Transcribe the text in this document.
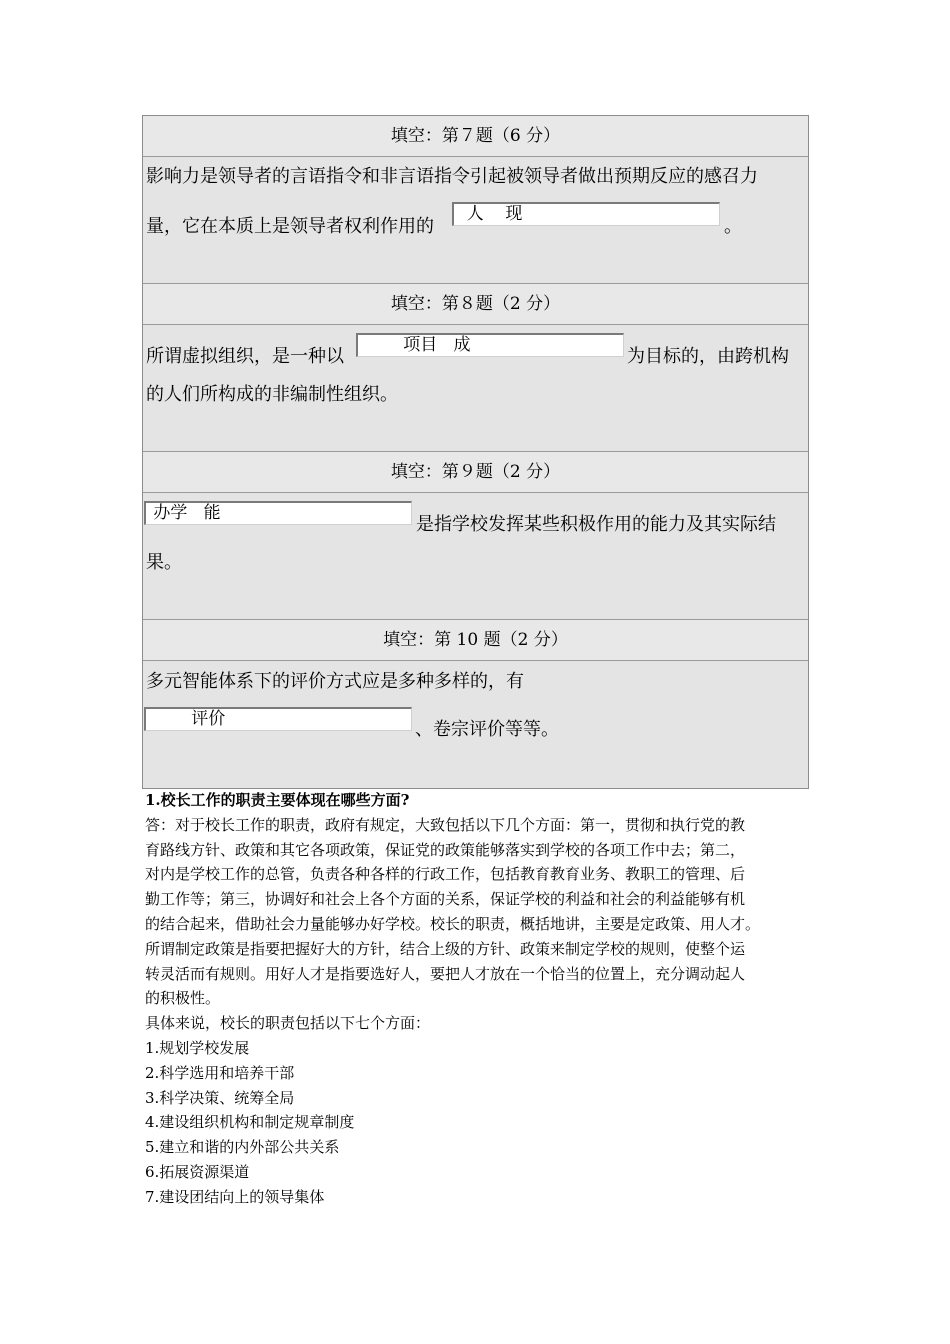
填空：第７题（6 分）
影响力是领导者的言语指令和非言语指令引起被领导者做出预期反应的感召力
量，它在本质上是领导者权利作用的
人    现
。
填空：第８题（2 分）
所谓虚拟组织，是一种以
项目   成
为目标的，由跨机构
的人们所构成的非编制性组织。
填空：第９题（2 分）
办学   能
是指学校发挥某些积极作用的能力及其实际结
果。
填空：第 10 题（2 分）
多元智能体系下的评价方式应是多种多样的，有
评价	、卷宗评价等等。

1.校长工作的职责主要体现在哪些方面?

答：对于校长工作的职责，政府有规定，大致包括以下几个方面：第一，贯彻和执行党的教

育路线方针、政策和其它各项政策，保证党的政策能够落实到学校的各项工作中去；第二，

对内是学校工作的总管，负责各种各样的行政工作，包括教育教育业务、教职工的管理、后

勤工作等；第三，协调好和社会上各个方面的关系，保证学校的利益和社会的利益能够有机

的结合起来，借助社会力量能够办好学校。校长的职责，概括地讲，主要是定政策、用人才。

所谓制定政策是指要把握好大的方针，结合上级的方针、政策来制定学校的规则，使整个运

转灵活而有规则。用好人才是指要选好人，要把人才放在一个恰当的位置上，充分调动起人

的积极性。

具体来说，校长的职责包括以下七个方面：

1.规划学校发展

2.科学选用和培养干部

3.科学决策、统筹全局

4.建设组织机构和制定规章制度

5.建立和谐的内外部公共关系

6.拓展资源渠道

7.建设团结向上的领导集体
